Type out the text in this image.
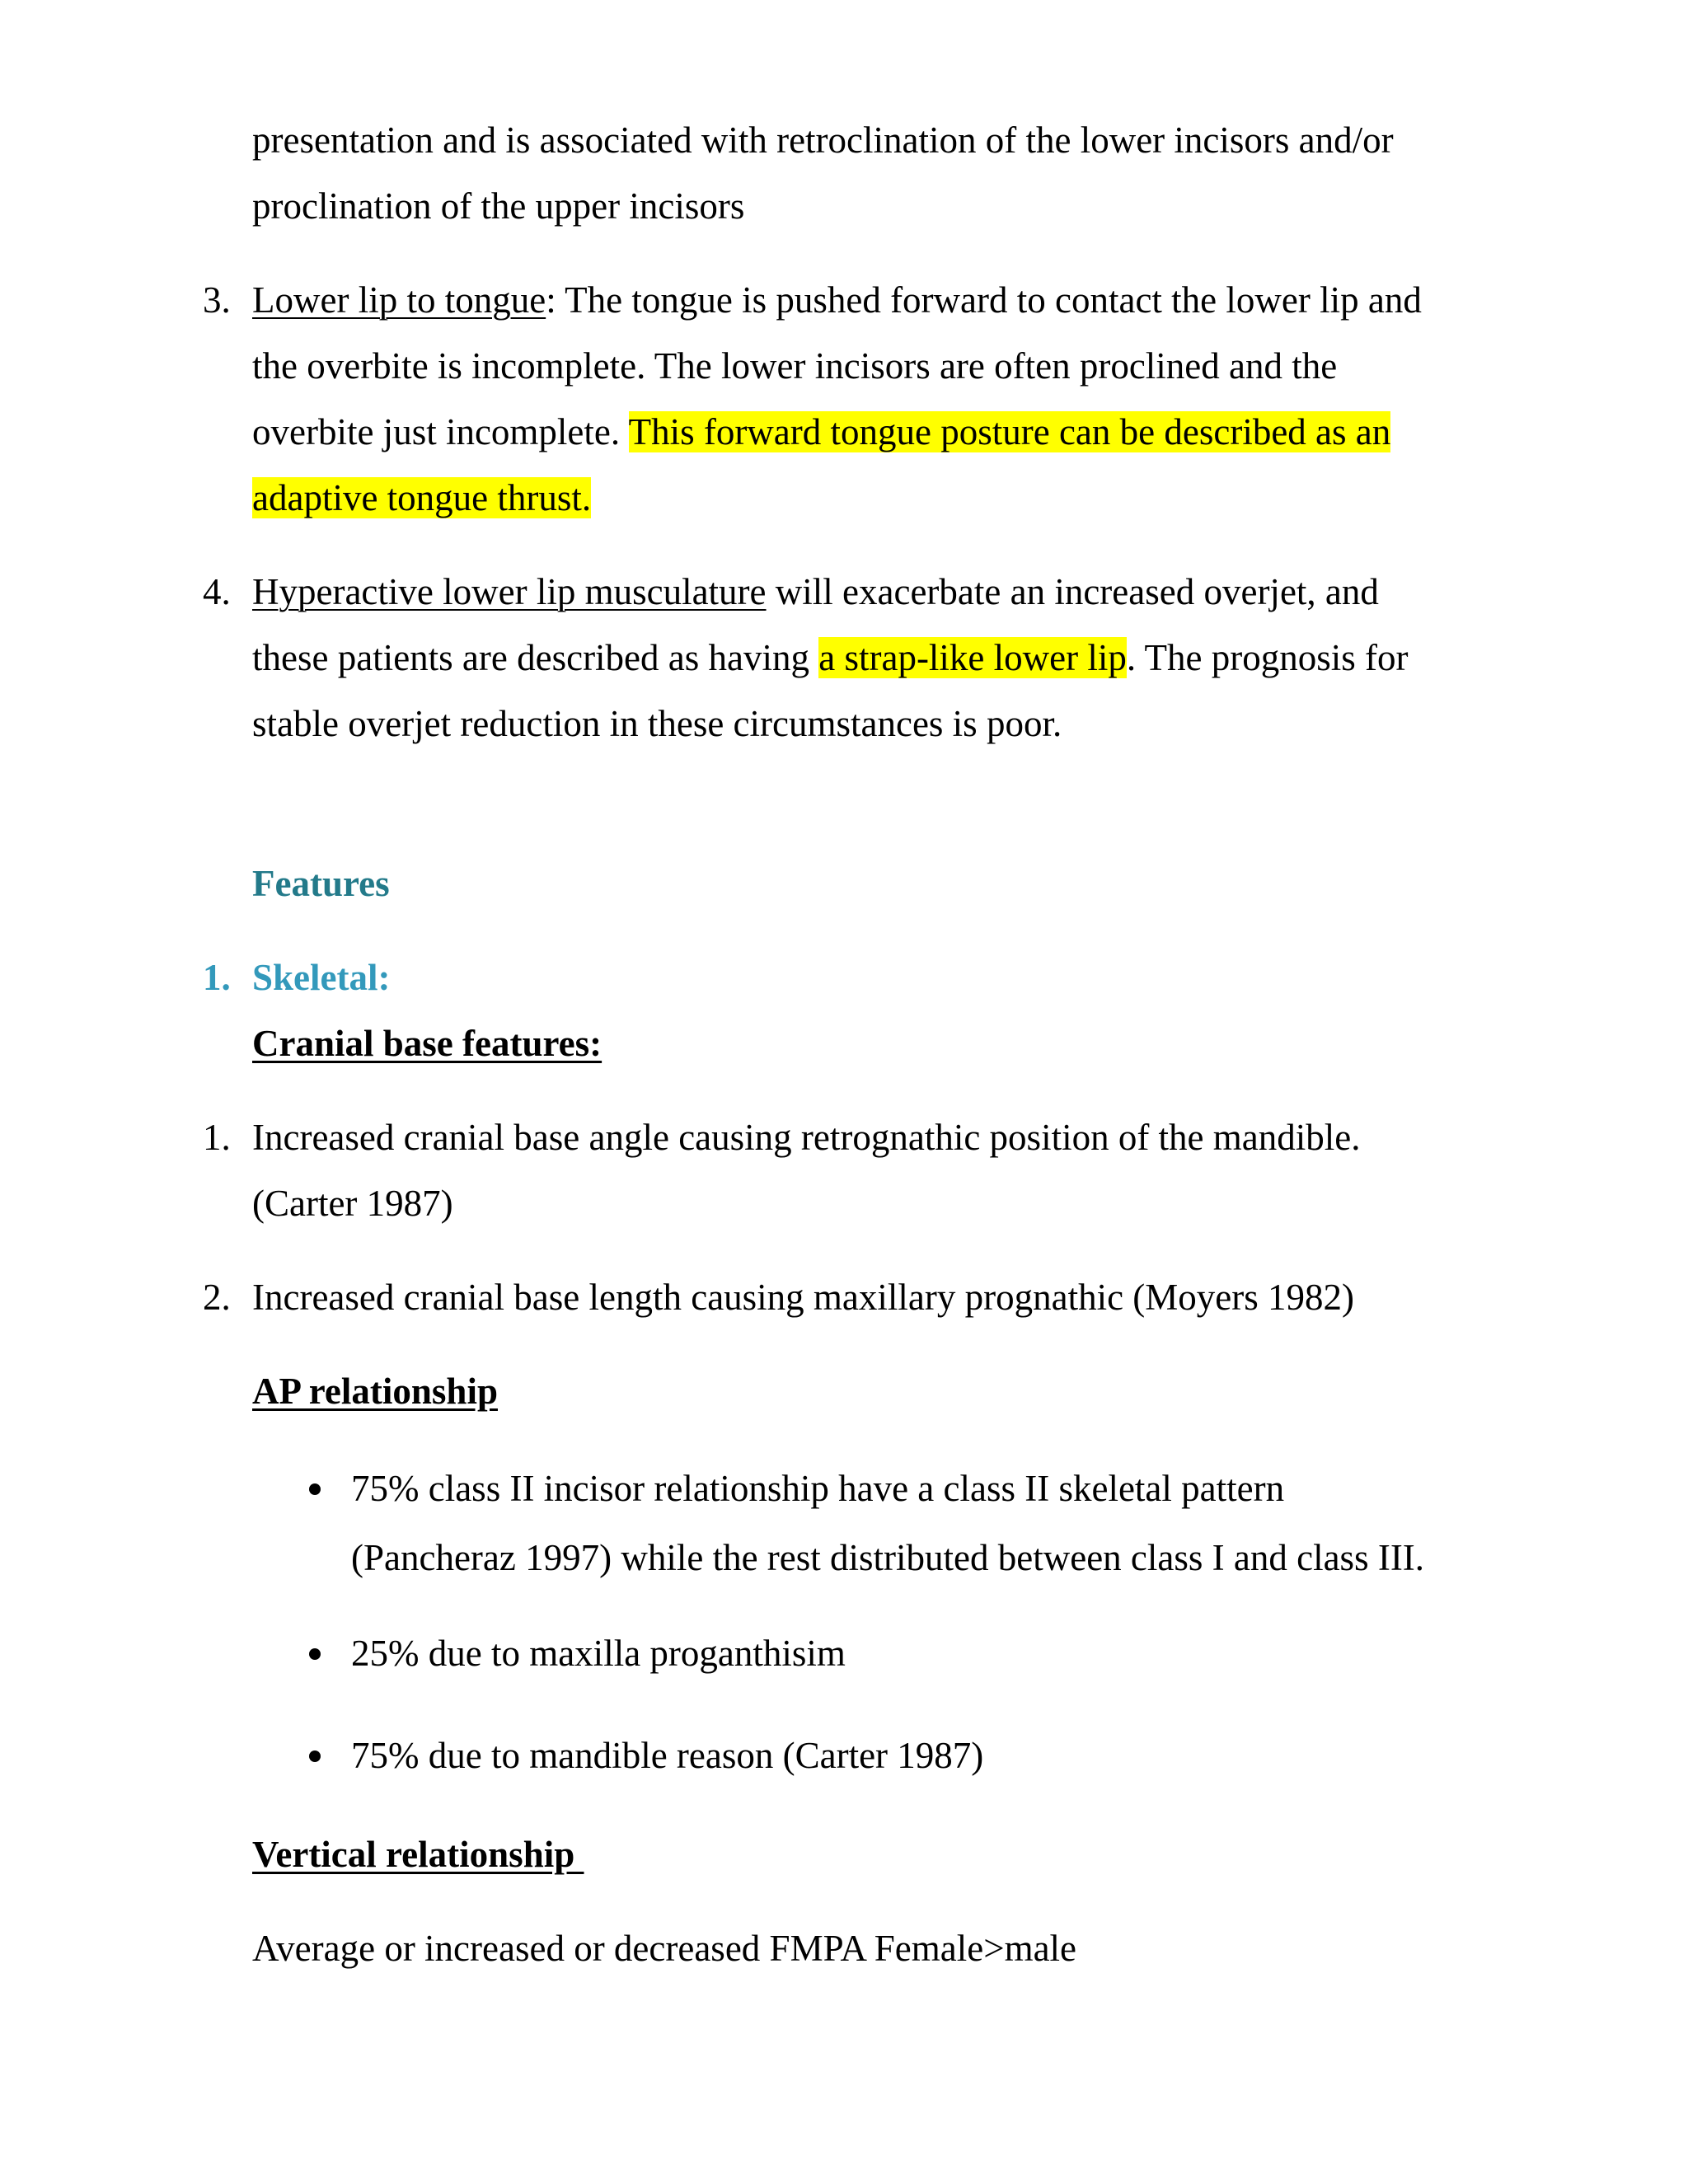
presentation and is associated with retroclination of the lower incisors and/or
proclination of the upper incisors
3. Lower lip to tongue: The tongue is pushed forward to contact the lower lip and
the overbite is incomplete. The lower incisors are often proclined and the
overbite just incomplete. This forward tongue posture can be described as an
adaptive tongue thrust.
4. Hyperactive lower lip musculature will exacerbate an increased overjet, and
these patients are described as having a strap-like lower lip. The prognosis for
stable overjet reduction in these circumstances is poor.
Features
1. Skeletal:
Cranial base features:
1. Increased cranial base angle causing retrognathic position of the mandible.
(Carter 1987)
2. Increased cranial base length causing maxillary prognathic (Moyers 1982)
AP relationship
75% class II incisor relationship have a class II skeletal pattern
(Pancheraz 1997) while the rest distributed between class I and class III.
25% due to maxilla proganthisim
75% due to mandible reason (Carter 1987)
Vertical relationship
Average or increased or decreased FMPA Female>male
